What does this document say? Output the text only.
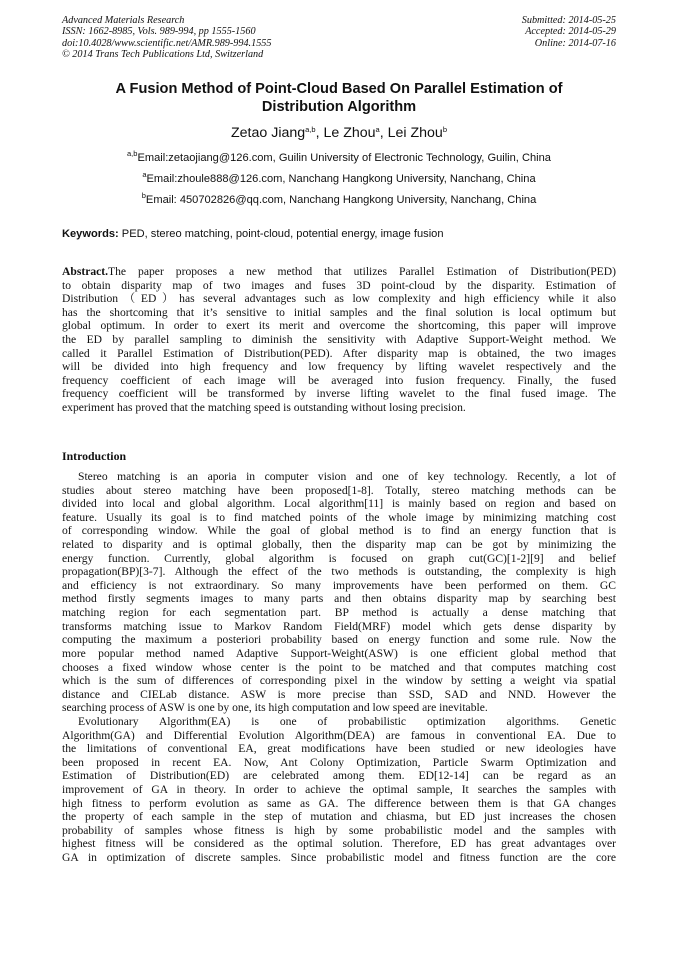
Advanced Materials Research
ISSN: 1662-8985, Vols. 989-994, pp 1555-1560
doi:10.4028/www.scientific.net/AMR.989-994.1555
© 2014 Trans Tech Publications Ltd, Switzerland
Submitted: 2014-05-25
Accepted: 2014-05-29
Online: 2014-07-16
A Fusion Method of Point-Cloud Based On Parallel Estimation of
Distribution Algorithm
Zetao Jiang$^{a,b}$, Le Zhou$^a$, Lei Zhou$^b$
$^{a,b}$Email:zetaojiang@126.com, Guilin University of Electronic Technology, Guilin, China
$^a$Email:zhoule888@126.com, Nanchang Hangkong University, Nanchang, China
$^b$Email: 450702826@qq.com, Nanchang Hangkong University, Nanchang, China
Keywords: PED, stereo matching, point-cloud, potential energy, image fusion
Abstract.The paper proposes a new method that utilizes Parallel Estimation of Distribution(PED)
to obtain disparity map of two images and fuses 3D point-cloud by the disparity. Estimation of
Distribution（ED）has several advantages such as low complexity and high efficiency while it also
has the shortcoming that it’s sensitive to initial samples and the final solution is local optimum but
global optimum. In order to exert its merit and overcome the shortcoming, this paper will improve
the ED by parallel sampling to diminish the sensitivity with Adaptive Support-Weight method. We
called it Parallel Estimation of Distribution(PED). After disparity map is obtained, the two images
will be divided into high frequency and low frequency by lifting wavelet respectively and the
frequency coefficient of each image will be averaged into fusion frequency. Finally, the fused
frequency coefficient will be transformed by inverse lifting wavelet to the final fused image. The
experiment has proved that the matching speed is outstanding without losing precision.
Introduction
Stereo matching is an aporia in computer vision and one of key technology. Recently, a lot of
studies about stereo matching have been proposed[1-8]. Totally, stereo matching methods can be
divided into local and global algorithm. Local algorithm[11] is mainly based on region and based on
feature. Usually its goal is to find matched points of the whole image by minimizing matching cost
of corresponding window. While the goal of global method is to find an energy function that is
related to disparity and is optimal globally, then the disparity map can be got by minimizing the
energy function. Currently, global algorithm is focused on graph cut(GC)[1-2][9] and belief
propagation(BP)[3-7]. Although the effect of the two methods is outstanding, the complexity is high
and efficiency is not extraordinary. So many improvements have been performed on them. GC
method firstly segments images to many parts and then obtains disparity map by searching best
matching region for each segmentation part. BP method is actually a dense matching that
transforms matching issue to Markov Random Field(MRF) model which gets dense disparity by
computing the maximum a posteriori probability based on energy function and some rule. Now the
more popular method named Adaptive Support-Weight(ASW) is one efficient global method that
chooses a fixed window whose center is the point to be matched and that computes matching cost
which is the sum of differences of corresponding pixel in the window by setting a weight via spatial
distance and CIELab distance. ASW is more precise than SSD, SAD and NND. However the
searching process of ASW is one by one, its high computation and low speed are inevitable.
Evolutionary Algorithm(EA) is one of probabilistic optimization algorithms. Genetic
Algorithm(GA) and Differential Evolution Algorithm(DEA) are famous in conventional EA. Due to
the limitations of conventional EA, great modifications have been studied or new ideologies have
been proposed in recent EA. Now, Ant Colony Optimization, Particle Swarm Optimization and
Estimation of Distribution(ED) are celebrated among them. ED[12-14] can be regard as an
improvement of GA in theory. In order to achieve the optimal sample, It searches the samples with
high fitness to perform evolution as same as GA. The difference between them is that GA changes
the property of each sample in the step of mutation and chiasma, but ED just increases the chosen
probability of samples whose fitness is high by some probabilistic model and the samples with
highest fitness will be considered as the optimal solution. Therefore, ED has great advantages over
GA in optimization of discrete samples. Since probabilistic model and fitness function are the core
